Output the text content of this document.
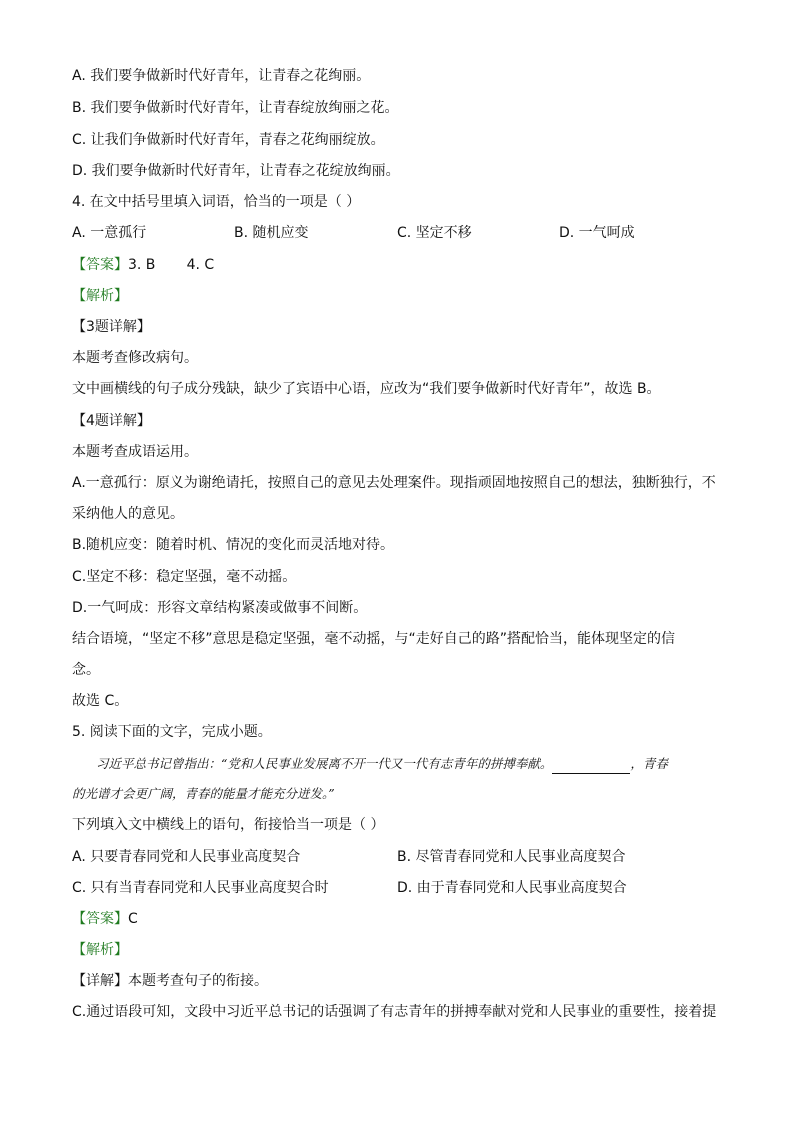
A. 我们要争做新时代好青年，让青春之花绚丽。
B. 我们要争做新时代好青年，让青春绽放绚丽之花。
C. 让我们争做新时代好青年，青春之花绚丽绽放。
D. 我们要争做新时代好青年，让青春之花绽放绚丽。
4. 在文中括号里填入词语，恰当的一项是（ ）
A. 一意孤行	B. 随机应变	C. 坚定不移	D. 一气呵成
【答案】3. B       4. C
【解析】
【3题详解】
本题考查修改病句。
文中画横线的句子成分残缺，缺少了宾语中心语，应改为“我们要争做新时代好青年”，故选 B。
【4题详解】
本题考查成语运用。
A.一意孤行：原义为谢绝请托，按照自己的意见去处理案件。现指顽固地按照自己的想法，独断独行，不
采纳他人的意见。
B.随机应变：随着时机、情况的变化而灵活地对待。
C.坚定不移：稳定坚强，毫不动摇。
D.一气呵成：形容文章结构紧凑或做事不间断。
结合语境，“坚定不移”意思是稳定坚强，毫不动摇，与“走好自己的路”搭配恰当，能体现坚定的信
念。
故选 C。
5. 阅读下面的文字，完成小题。
习近平总书记曾指出：“党和人民事业发展离不开一代又一代有志青年的拼搏奉献。	，青春
的光谱才会更广阔，青春的能量才能充分迸发。”
下列填入文中横线上的语句，衔接恰当一项是（ ）
A. 只要青春同党和人民事业高度契合	B. 尽管青春同党和人民事业高度契合
C. 只有当青春同党和人民事业高度契合时	D. 由于青春同党和人民事业高度契合
【答案】C
【解析】
【详解】本题考查句子的衔接。
C.通过语段可知，文段中习近平总书记的话强调了有志青年的拼搏奉献对党和人民事业的重要性，接着提
